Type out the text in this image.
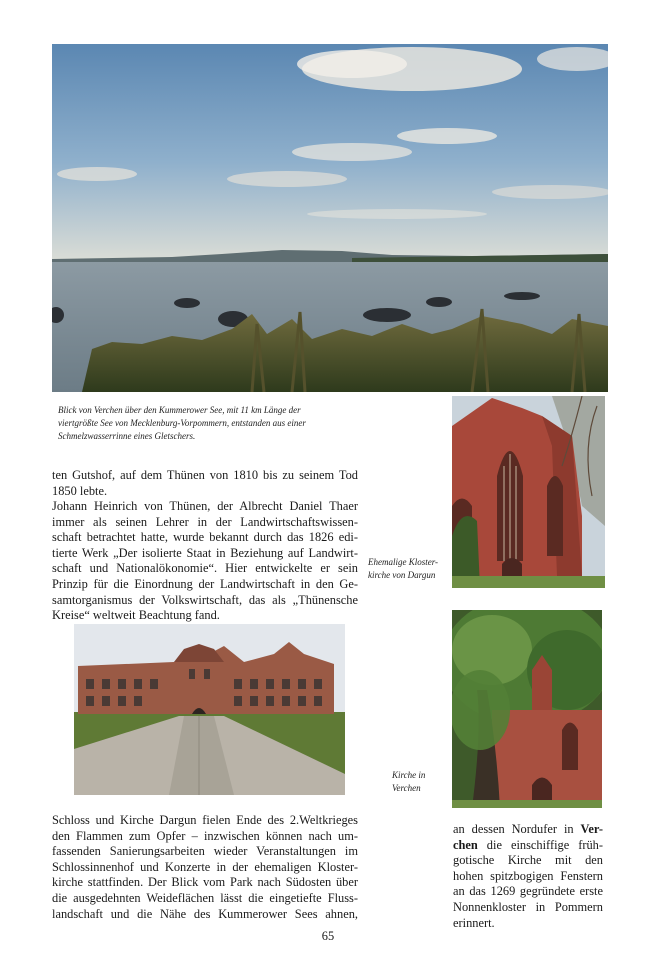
Blick von Verchen über den Kummerower See, mit 11 km Länge der
viertgrößte See von Mecklenburg-Vorpommern, entstanden aus einer
Schmelzwasserrinne eines Gletschers.
Ehemalige Kloster-
kirche von Dargun
ten Gutshof, auf dem Thünen von 1810 bis zu seinem Tod
1850 lebte.
Johann Heinrich von Thünen, der Albrecht Daniel Thaer
immer als seinen Lehrer in der Landwirtschaftswissen-
schaft betrachtet hatte, wurde bekannt durch das 1826 edi-
tierte Werk „Der isolierte Staat in Beziehung auf Landwirt-
schaft und Nationalökonomie“. Hier entwickelte er sein
Prinzip für die Einordnung der Landwirtschaft in den Ge-
samtorganismus der Volkswirtschaft, das als „Thünensche
Kreise“ weltweit Beachtung fand.
Kirche in
Verchen
Schloss und Kirche Dargun fielen Ende des 2.Weltkrieges
den Flammen zum Opfer – inzwischen können nach um-
fassenden Sanierungsarbeiten wieder Veranstaltungen im
Schlossinnenhof und Konzerte in der ehemaligen Kloster-
kirche stattfinden. Der Blick vom Park nach Südosten über
die ausgedehnten Weideflächen lässt die eingetiefte Fluss-
landschaft und die Nähe des Kummerower Sees ahnen,
an dessen Nordufer in Ver-
chen die einschiffige früh-
gotische Kirche mit den
hohen spitzbogigen Fenstern
an das 1269 gegründete erste
Nonnenkloster in Pommern
erinnert.
65
